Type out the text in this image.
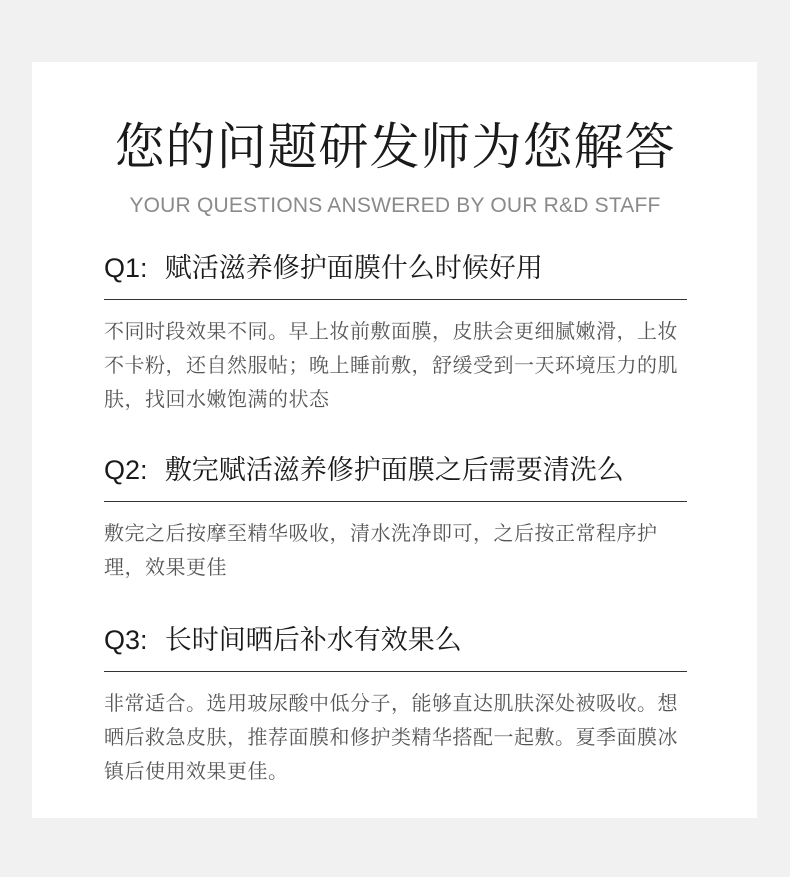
您的问题研发师为您解答
YOUR QUESTIONS ANSWERED BY OUR R&D STAFF

Q1: 赋活滋养修护面膜什么时候好用

不同时段效果不同。早上妆前敷面膜，皮肤会更细腻嫩滑，上妆不卡粉，还自然服帖；晚上睡前敷，舒缓受到一天环境压力的肌肤，找回水嫩饱满的状态

Q2: 敷完赋活滋养修护面膜之后需要清洗么

敷完之后按摩至精华吸收，清水洗净即可，之后按正常程序护理，效果更佳

Q3: 长时间晒后补水有效果么

非常适合。选用玻尿酸中低分子，能够直达肌肤深处被吸收。想晒后救急皮肤，推荐面膜和修护类精华搭配一起敷。夏季面膜冰镇后使用效果更佳。
